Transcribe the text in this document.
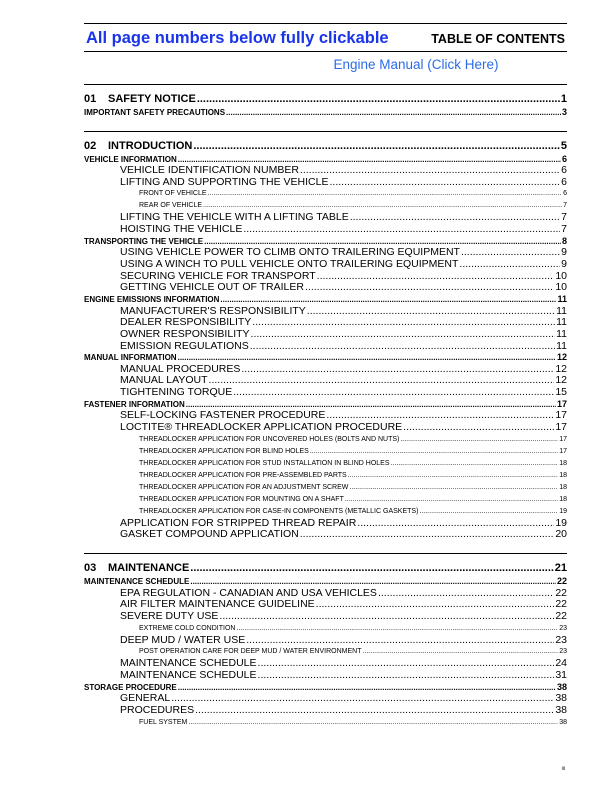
All page numbers below fully clickable	TABLE OF CONTENTS
Engine Manual (Click Here)
01 SAFETY NOTICE .....	1
IMPORTANT SAFETY PRECAUTIONS .....	3
02 INTRODUCTION .....	5
VEHICLE INFORMATION .....	6
VEHICLE IDENTIFICATION NUMBER .....	6
LIFTING AND SUPPORTING THE VEHICLE .....	6
FRONT OF VEHICLE .....	6
REAR OF VEHICLE .....	7
LIFTING THE VEHICLE WITH A LIFTING TABLE .....	7
HOISTING THE VEHICLE .....	7
TRANSPORTING THE VEHICLE .....	8
USING VEHICLE POWER TO CLIMB ONTO TRAILERING EQUIPMENT .....	9
USING A WINCH TO PULL VEHICLE ONTO TRAILERING EQUIPMENT .....	9
SECURING VEHICLE FOR TRANSPORT .....	10
GETTING VEHICLE OUT OF TRAILER .....	10
ENGINE EMISSIONS INFORMATION .....	11
MANUFACTURER'S RESPONSIBILITY .....	11
DEALER RESPONSIBILITY .....	11
OWNER RESPONSIBILITY .....	11
EMISSION REGULATIONS .....	11
MANUAL INFORMATION .....	12
MANUAL PROCEDURES .....	12
MANUAL LAYOUT .....	12
TIGHTENING TORQUE .....	15
FASTENER INFORMATION .....	17
SELF-LOCKING FASTENER PROCEDURE .....	17
LOCTITE® THREADLOCKER APPLICATION PROCEDURE .....	17
THREADLOCKER APPLICATION FOR UNCOVERED HOLES (BOLTS AND NUTS) .....	17
THREADLOCKER APPLICATION FOR BLIND HOLES .....	17
THREADLOCKER APPLICATION FOR STUD INSTALLATION IN BLIND HOLES .....	18
THREADLOCKER APPLICATION FOR PRE-ASSEMBLED PARTS .....	18
THREADLOCKER APPLICATION FOR AN ADJUSTMENT SCREW .....	18
THREADLOCKER APPLICATION FOR MOUNTING ON A SHAFT .....	18
THREADLOCKER APPLICATION FOR CASE-IN COMPONENTS (METALLIC GASKETS) .....	19
APPLICATION FOR STRIPPED THREAD REPAIR .....	19
GASKET COMPOUND APPLICATION .....	20
03 MAINTENANCE .....	21
MAINTENANCE SCHEDULE .....	22
EPA REGULATION - CANADIAN AND USA VEHICLES .....	22
AIR FILTER MAINTENANCE GUIDELINE .....	22
SEVERE DUTY USE .....	22
EXTREME COLD CONDITION .....	23
DEEP MUD / WATER USE .....	23
POST OPERATION CARE FOR DEEP MUD / WATER ENVIRONMENT .....	23
MAINTENANCE SCHEDULE .....	24
MAINTENANCE SCHEDULE .....	31
STORAGE PROCEDURE .....	38
GENERAL .....	38
PROCEDURES .....	38
FUEL SYSTEM .....	38
iii
